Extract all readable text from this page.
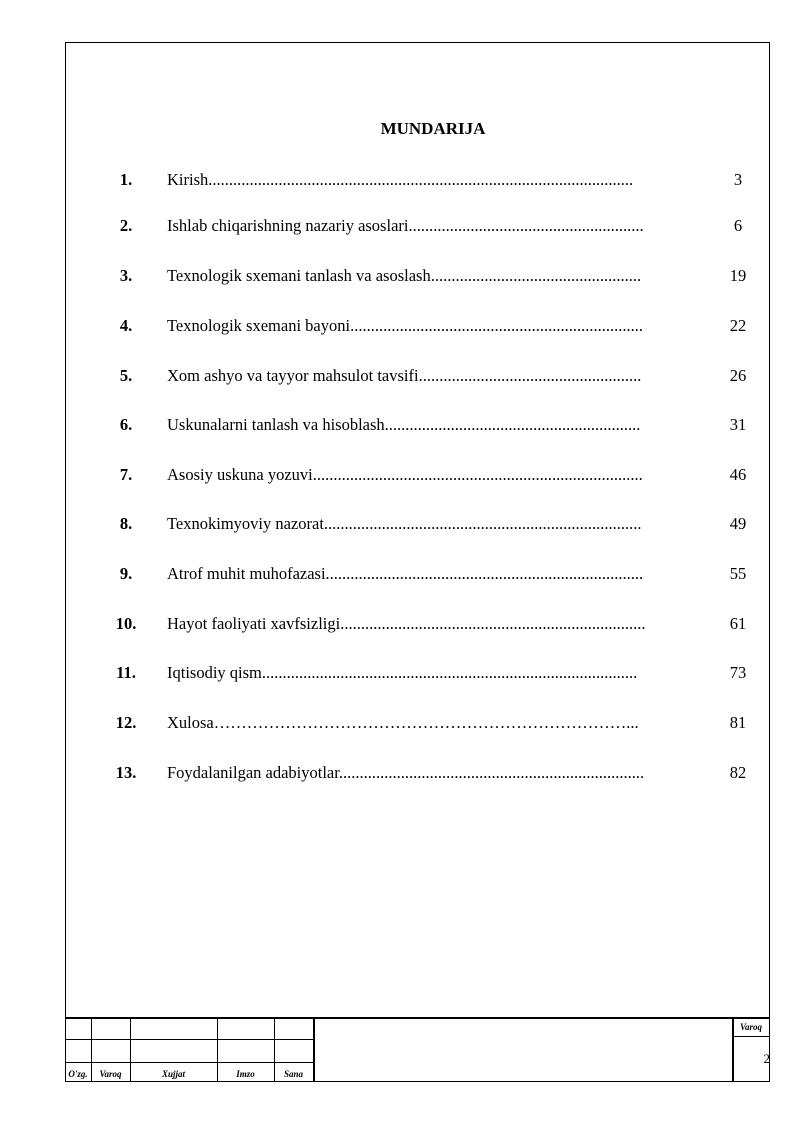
MUNDARIJA
1.	Kirish.......................................................................................................	3
2.	Ishlab chiqarishning nazariy asoslari.........................................................	6
3.	Texnologik sxemani tanlash va asoslash...................................................	19
4.	Texnologik sxemani bayoni.......................................................................	22
5.	Xom ashyo va tayyor mahsulot tavsifi......................................................	26
6.	Uskunalarni tanlash va hisoblash..............................................................	31
7.	Asosiy uskuna yozuvi................................................................................	46
8.	Texnokimyoviy nazorat.............................................................................	49
9.	Atrof muhit muhofazasi.............................................................................	55
10. Hayot faoliyati xavfsizligi..........................................................................	61
11. Iqtisodiy qism...........................................................................................	73
12. Xulosa…………………………………………………………………...	81
13. Foydalanilgan adabiyotlar..........................................................................	82
O'zg.	Varoq	Xujjat	Imzo	Sana
Varoq
2
